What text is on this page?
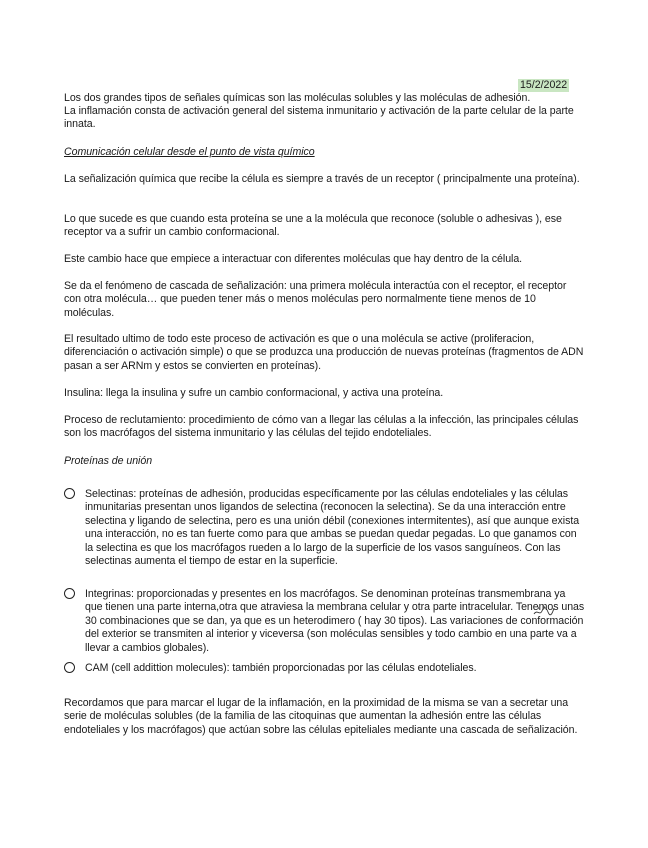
15/2/2022

Los dos grandes tipos de señales químicas son las moléculas solubles y las moléculas de adhesión.

La inflamación consta de activación general del sistema inmunitario y activación de la parte celular de la parte innata.

Comunicación celular desde el punto de vista químico

La señalización química que recibe la célula es siempre a través de un receptor ( principalmente una proteína).

Lo que sucede es que cuando esta proteína se une a la molécula que reconoce (soluble o adhesivas ), ese receptor va a sufrir un cambio conformacional.

Este cambio hace que empiece a interactuar con diferentes moléculas que hay dentro de la célula.

Se da el fenómeno de cascada de señalización: una primera molécula interactúa con el receptor, el receptor con otra molécula… que pueden tener más o menos moléculas pero normalmente tiene menos de 10 moléculas.

El resultado ultimo de todo este proceso de activación es que o una molécula se active (proliferacion, diferenciación o activación simple) o que se produzca una producción de nuevas proteínas (fragmentos de ADN pasan a ser ARNm y estos se convierten en proteínas).

Insulina: llega la insulina y sufre un cambio conformacional, y activa una proteína.

Proceso de reclutamiento: procedimiento de cómo van a llegar las células a la infección, las principales células son los macrófagos del sistema inmunitario y las células del tejido endoteliales.

Proteínas de unión

Selectinas: proteínas de adhesión, producidas específicamente por las células endoteliales y las células inmunitarias presentan unos ligandos de selectina (reconocen la selectina). Se da una interacción entre selectina y ligando de selectina, pero es una unión débil (conexiones intermitentes), así que aunque exista una interacción, no es tan fuerte como para que ambas se puedan quedar pegadas. Lo que ganamos con la selectina es que los macrófagos rueden a lo largo de la superficie de los vasos sanguíneos. Con las selectinas aumenta el tiempo de estar en la superficie.

Integrinas: proporcionadas y presentes en los macrófagos. Se denominan proteínas transmembrana ya que tienen una parte interna,otra que atraviesa la membrana celular y otra parte intracelular. Tenemos unas 30 combinaciones que se dan, ya que es un heterodimero ( hay 30 tipos). Las variaciones de conformación del exterior se transmiten al interior y viceversa (son moléculas sensibles y todo cambio en una parte va a llevar a cambios globales).

CAM (cell addittion molecules): también proporcionadas por las células endoteliales.

Recordamos que para marcar el lugar de la inflamación, en la proximidad de la misma se van a secretar una serie de moléculas solubles (de la familia de las citoquinas que aumentan la adhesión entre las células endoteliales y los macrófagos) que actúan sobre las células epiteliales mediante una cascada de señalización.
